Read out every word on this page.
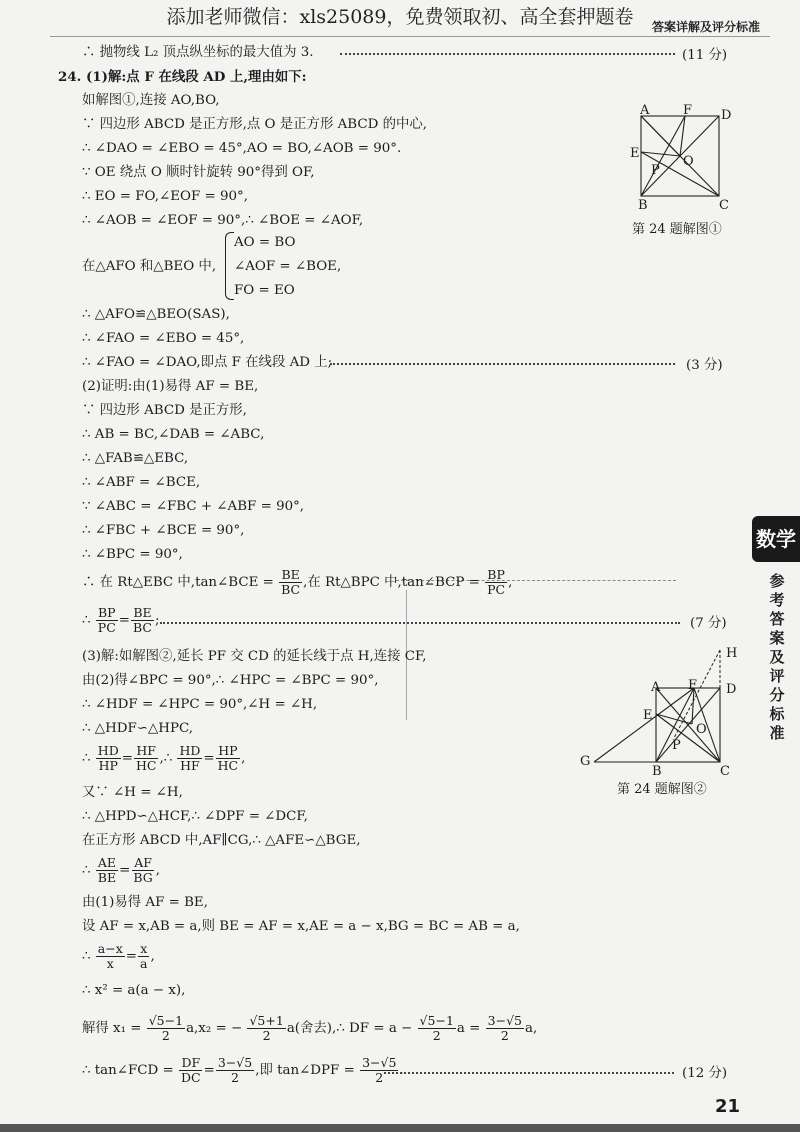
添加老师微信：xls25089，免费领取初、高全套押题卷	答案详解及评分标准
∴ 抛物线 L₂ 顶点纵坐标的最大值为 3.	(11 分)
24. (1)解:点 F 在线段 AD 上,理由如下:
如解图①,连接 AO,BO,
∵ 四边形 ABCD 是正方形,点 O 是正方形 ABCD 的中心,
∴ ∠DAO = ∠EBO = 45°,AO = BO,∠AOB = 90°.
∵ OE 绕点 O 顺时针旋转 90°得到 OF,
∴ EO = FO,∠EOF = 90°,
∴ ∠AOB = ∠EOF = 90°,∴ ∠BOE = ∠AOF,
AO = BO
在△AFO 和△BEO 中, ∠AOF = ∠BOE,
FO = EO
∴ △AFO≌△BEO(SAS),
∴ ∠FAO = ∠EBO = 45°,
∴ ∠FAO = ∠DAO,即点 F 在线段 AD 上;	(3 分)
(2)证明:由(1)易得 AF = BE,
∵ 四边形 ABCD 是正方形,
∴ AB = BC,∠DAB = ∠ABC,
∴ △FAB≌△EBC,
∴ ∠ABF = ∠BCE,
∵ ∠ABC = ∠FBC + ∠ABF = 90°,
∴ ∠FBC + ∠BCE = 90°,
∴ ∠BPC = 90°,
∴ 在 Rt△EBC 中,tan∠BCE = $\frac{BE}{BC}$ ,在 Rt△BPC 中,tan∠BCP = $\frac{BP}{PC}$ ,
∴ $\frac{BP}{PC} = \frac{BE}{BC}$ ;	(7 分)
(3)解:如解图②,延长 PF 交 CD 的延长线于点 H,连接 CF,
由(2)得∠BPC = 90°,∴ ∠HPC = ∠BPC = 90°,
∴ ∠HDF = ∠HPC = 90°,∠H = ∠H,
∴ △HDF∽△HPC,
∴ $\frac{HD}{HP} = \frac{HF}{HC}$ ,∴ $\frac{HD}{HF} = \frac{HP}{HC}$ ,
又∵ ∠H = ∠H,
∴ △HPD∽△HCF,∴ ∠DPF = ∠DCF,
在正方形 ABCD 中,AF∥CG,∴ △AFE∽△BGE,
∴ $\frac{AE}{BE} = \frac{AF}{BG}$ ,
由(1)易得 AF = BE,
设 AF = x,AB = a,则 BE = AF = x,AE = a − x,BG = BC = AB = a,
∴ $\frac{a-x}{x} = \frac{x}{a}$ ,
∴ x² = a(a − x),
解得 $x_1 = \frac{√5-1}{2} a,x_2$ = − $\frac{√5+1}{2} a$(舍去),∴ DF = $a - \frac{√5-1}{2}$ $a = \frac{3-√5}{2} a$,
∴ tan∠FCD = $\frac{DF}{DC} = \frac{3-√5}{2}$ ,即 tan∠DPF = $\frac{3-√5}{2}$ .	(12 分)
A	F D
E
P
O
B	C
第 24 题解图①
H
A F D
E
O
P
G
B	C
第 24 题解图②
数学
参考答案及评分标准
21
